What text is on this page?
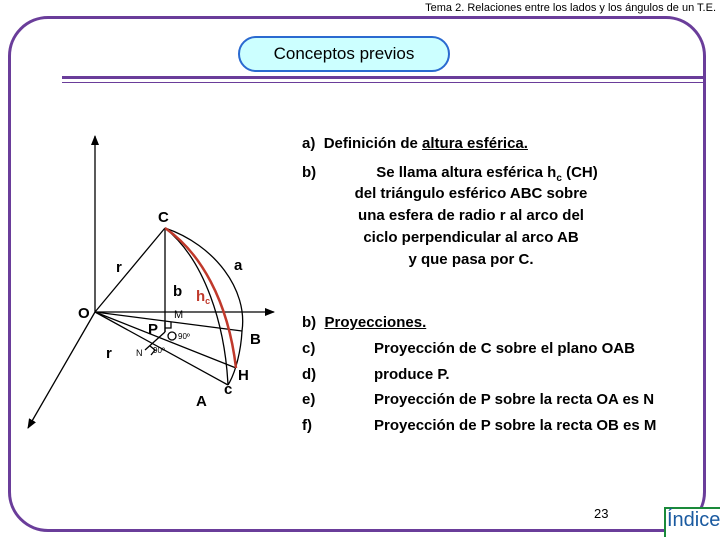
Tema 2. Relaciones entre los lados y los ángulos de un T.E.
Conceptos previos
a) Definición de altura esférica.
b)	Se llama altura esférica $h_c$ (CH)
del triángulo esférico ABC sobre
una esfera de radio r al arco del
ciclo perpendicular al arco AB
y que pasa por C.
b) Proyecciones.
c)	Proyección de C sobre el plano OAB
d)	produce P.
e)	Proyección de P sobre la recta OA es N
f)	Proyección de P sobre la recta OB es M
C
r	a
b
O
P
B
r
H
A
c
$h_c$
M
90º
N 90º
23	Índice
